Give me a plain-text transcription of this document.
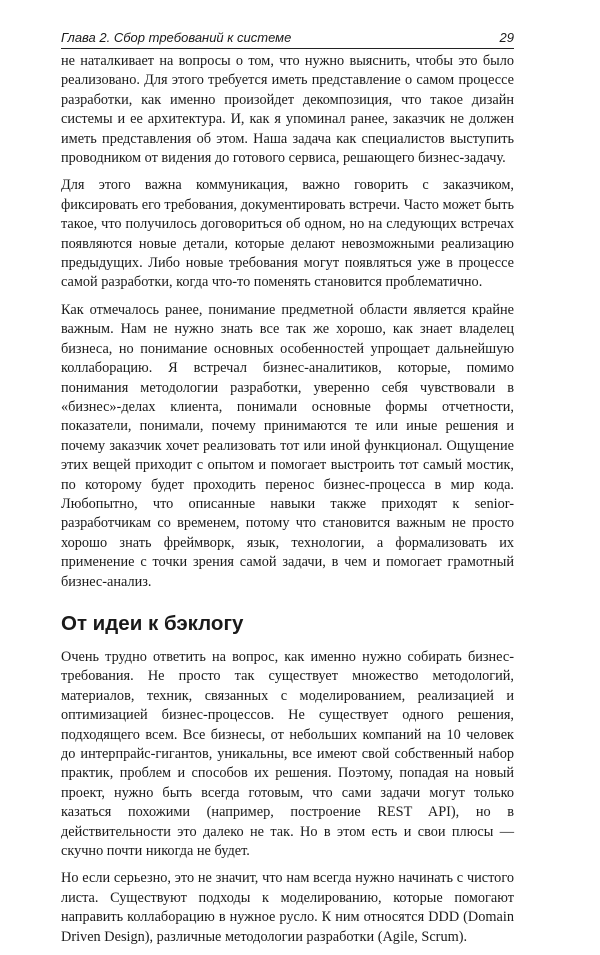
Глава 2. Сбор требований к системе	29

не наталкивает на вопросы о том, что нужно выяснить, чтобы это было реализовано. Для этого требуется иметь представление о самом процессе разработки, как именно произойдет декомпозиция, что такое дизайн системы и ее архитектура. И, как я упоминал ранее, заказчик не должен иметь представления об этом. Наша задача как специалистов выступить проводником от видения до готового сервиса, решающего бизнес-задачу.

Для этого важна коммуникация, важно говорить с заказчиком, фиксировать его требования, документировать встречи. Часто может быть такое, что получилось договориться об одном, но на следующих встречах появляются новые детали, которые делают невозможными реализацию предыдущих. Либо новые требования могут появляться уже в процессе самой разработки, когда что-то поменять становится проблематично.

Как отмечалось ранее, понимание предметной области является крайне важным. Нам не нужно знать все так же хорошо, как знает владелец бизнеса, но понимание основных особенностей упрощает дальнейшую коллаборацию. Я встречал бизнес-аналитиков, которые, помимо понимания методологии разработки, уверенно себя чувствовали в «бизнес»-делах клиента, понимали основные формы отчетности, показатели, понимали, почему принимаются те или иные решения и почему заказчик хочет реализовать тот или иной функционал. Ощущение этих вещей приходит с опытом и помогает выстроить тот самый мостик, по которому будет проходить перенос бизнес-процесса в мир кода. Любопытно, что описанные навыки также приходят к senior-разработчикам со временем, потому что становится важным не просто хорошо знать фреймворк, язык, технологии, а формализовать их применение с точки зрения самой задачи, в чем и помогает грамотный бизнес-анализ.

От идеи к бэклогу

Очень трудно ответить на вопрос, как именно нужно собирать бизнес-требования. Не просто так существует множество методологий, материалов, техник, связанных с моделированием, реализацией и оптимизацией бизнес-процессов. Не существует одного решения, подходящего всем. Все бизнесы, от небольших компаний на 10 человек до интерпрайс-гигантов, уникальны, все имеют свой собственный набор практик, проблем и способов их решения. Поэтому, попадая на новый проект, нужно быть всегда готовым, что сами задачи могут только казаться похожими (например, построение REST API), но в действительности это далеко не так. Но в этом есть и свои плюсы — скучно почти никогда не будет.

Но если серьезно, это не значит, что нам всегда нужно начинать с чистого листа. Существуют подходы к моделированию, которые помогают направить коллаборацию в нужное русло. К ним относятся DDD (Domain Driven Design), различные методологии разработки (Agile, Scrum).
